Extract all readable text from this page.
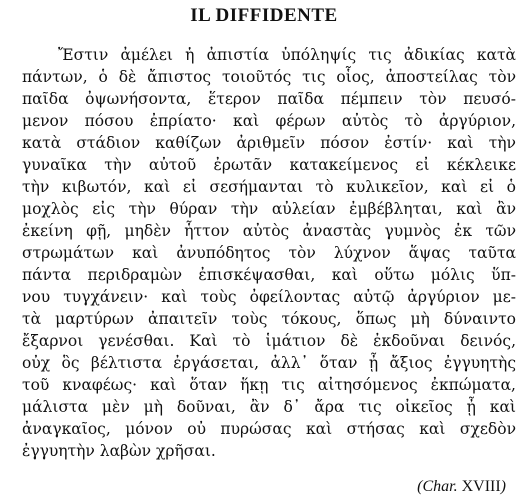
IL DIFFIDENTE
Ἔστιν ἀμέλει ἡ ἀπιστία ὑπόληψίς τις ἀδικίας κατὰ
πάντων, ὁ δὲ ἄπιστος τοιοῦτός τις οἷος, ἀποστείλας τὸν
παῖδα ὀψωνήσοντα, ἕτερον παῖδα πέμπειν τὸν πευσό-
μενον πόσου ἐπρίατο· καὶ φέρων αὐτὸς τὸ ἀργύριον,
κατὰ στάδιον καθίζων ἀριθμεῖν πόσον ἐστίν· καὶ τὴν
γυναῖκα τὴν αὐτοῦ ἐρωτᾶν κατακείμενος εἰ κέκλεικε
τὴν κιβωτόν, καὶ εἰ σεσήμανται τὸ κυλικεῖον, καὶ εἰ ὁ
μοχλὸς εἰς τὴν θύραν τὴν αὐλείαν ἐμβέβληται, καὶ ἂν
ἐκείνη φῇ, μηδὲν ἧττον αὐτὸς ἀναστὰς γυμνὸς ἐκ τῶν
στρωμάτων καὶ ἀνυπόδητος τὸν λύχνον ἅψας ταῦτα
πάντα περιδραμὼν ἐπισκέψασθαι, καὶ οὕτω μόλις ὕπ-
νου τυγχάνειν· καὶ τοὺς ὀφείλοντας αὐτῷ ἀργύριον με-
τὰ μαρτύρων ἀπαιτεῖν τοὺς τόκους, ὅπως μὴ δύναιντο
ἔξαρνοι γενέσθαι. Καὶ τὸ ἱμάτιον δὲ ἐκδοῦναι δεινός,
οὐχ ὃς βέλτιστα ἐργάσεται, ἀλλ᾽ ὅταν ᾖ ἄξιος ἐγγυητὴς
τοῦ κναφέως· καὶ ὅταν ἥκῃ τις αἰτησόμενος ἐκπώματα,
μάλιστα μὲν μὴ δοῦναι, ἂν δ᾽ ἄρα τις οἰκεῖος ᾖ καὶ
ἀναγκαῖος, μόνον οὐ πυρώσας καὶ στήσας καὶ σχεδὸν
ἐγγυητὴν λαβὼν χρῆσαι.
(Char. XVIII)
